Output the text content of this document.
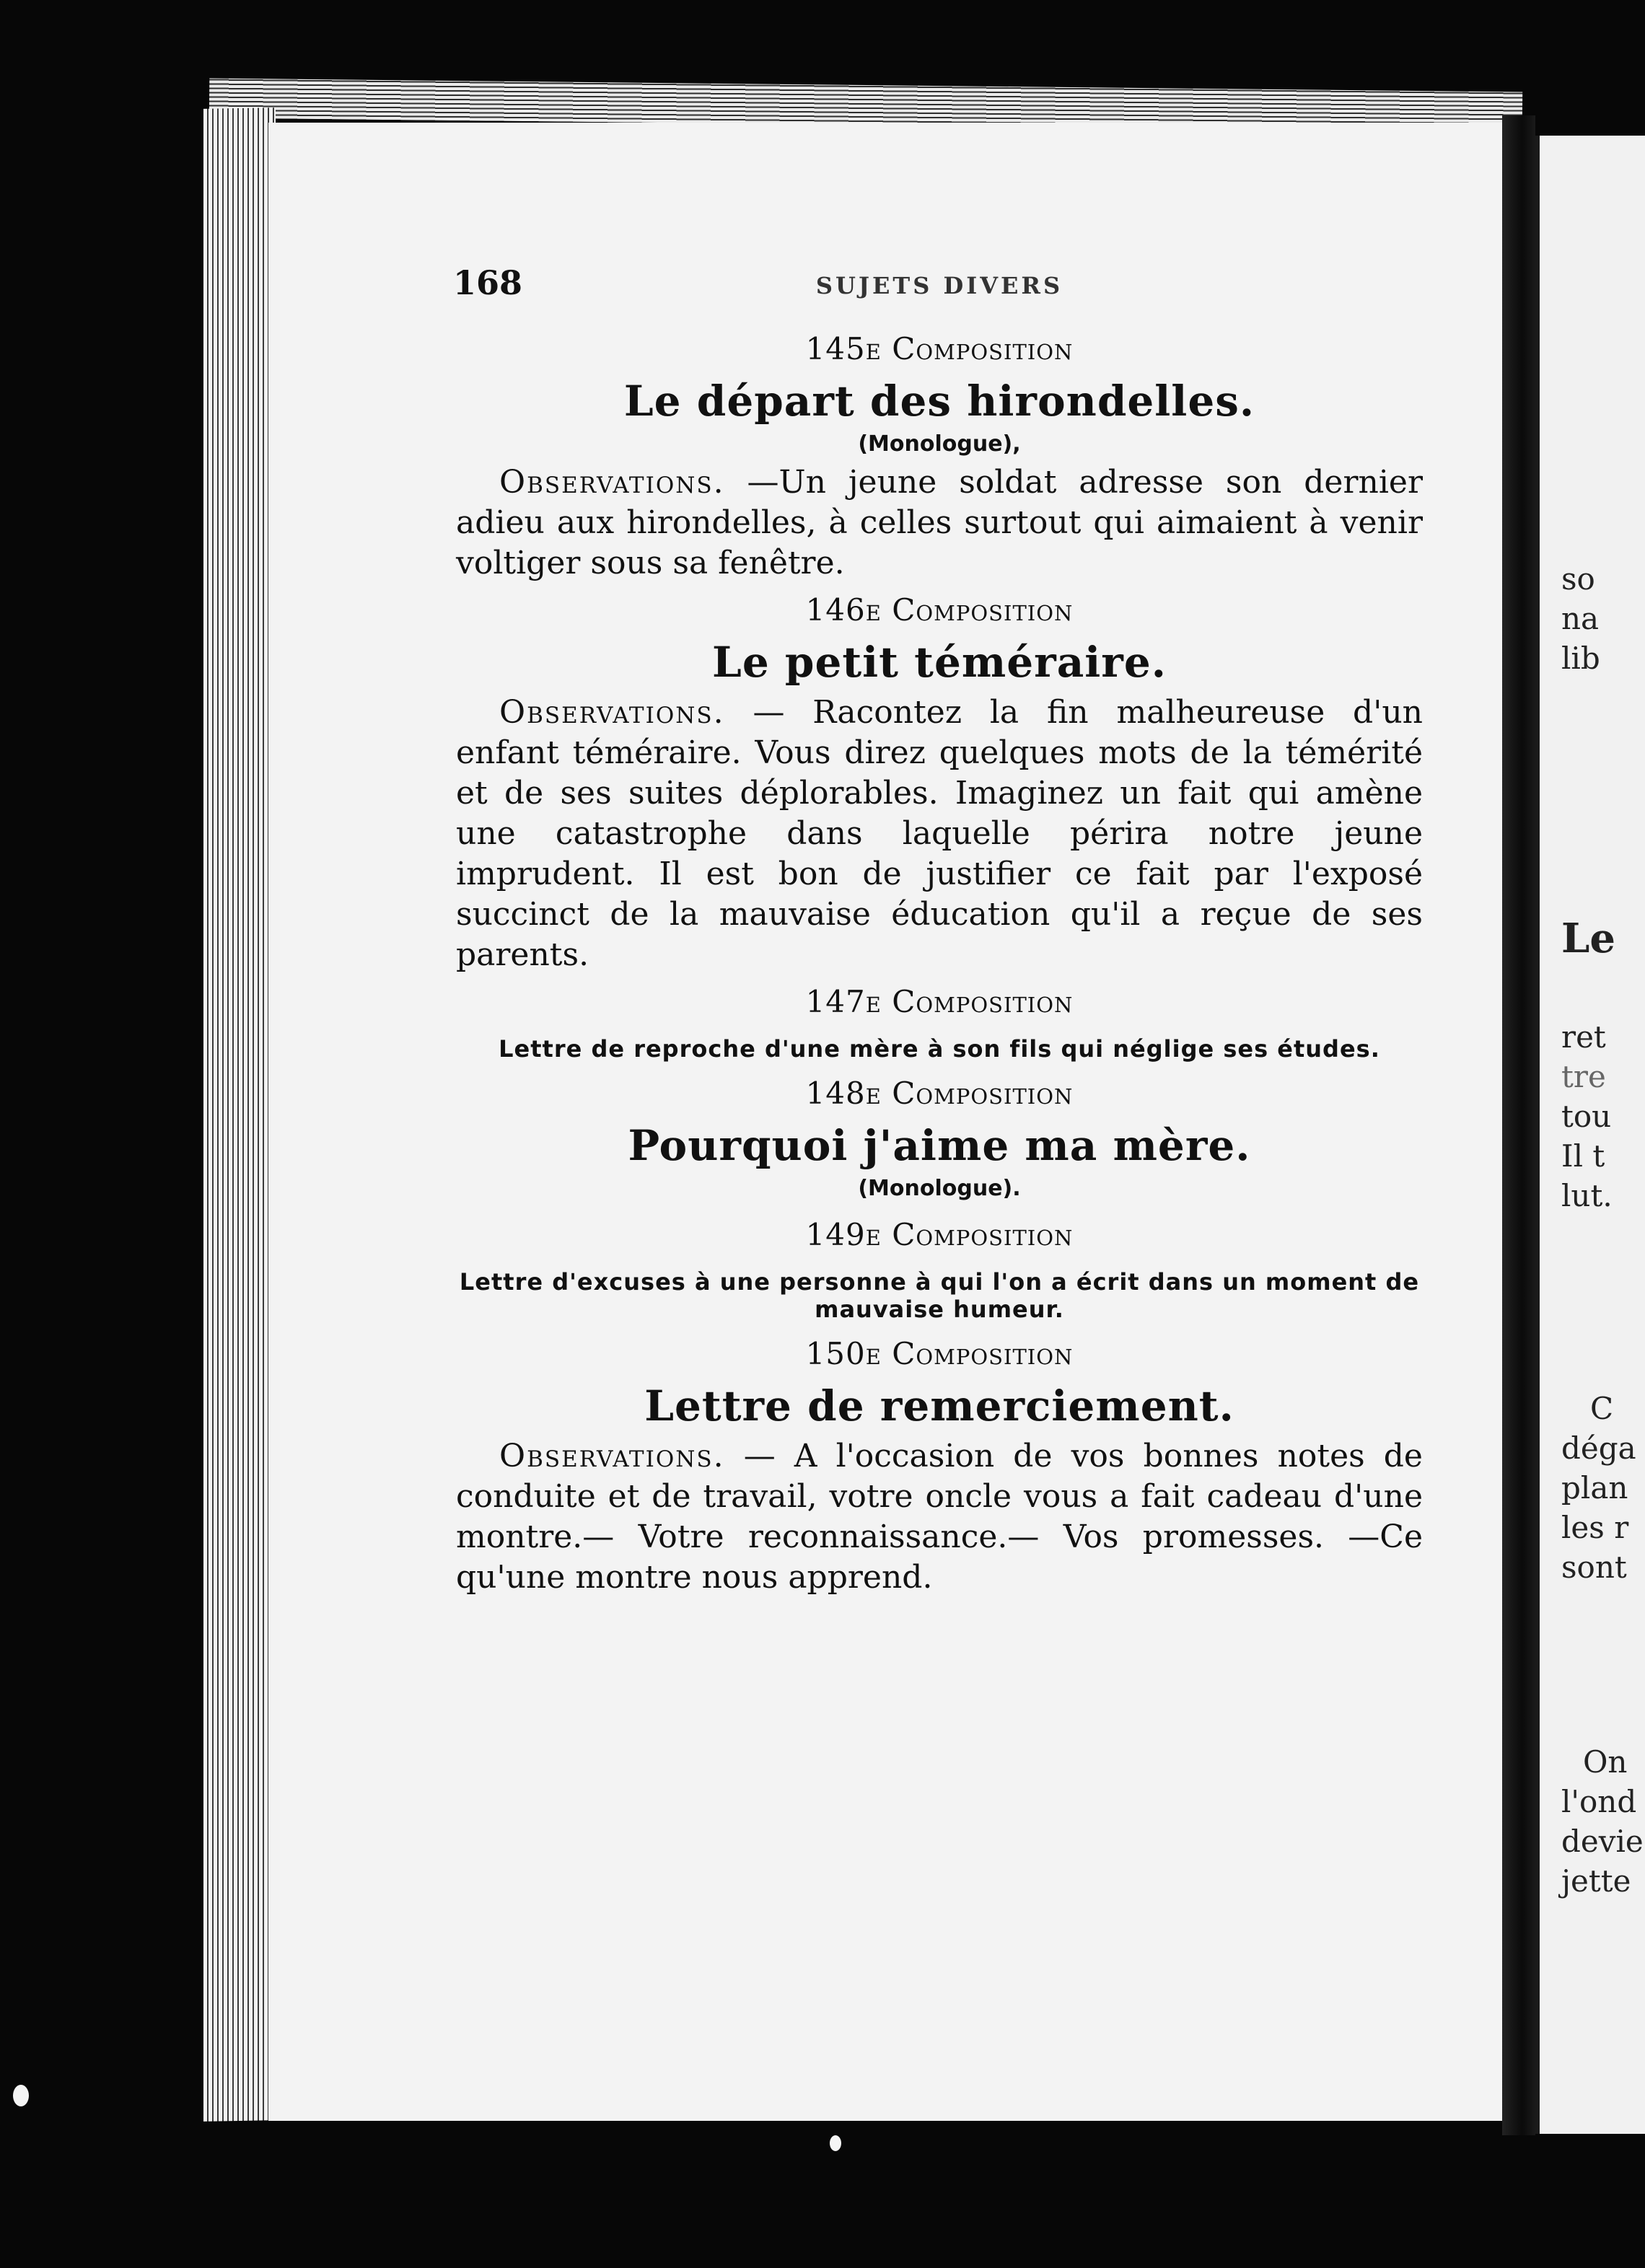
168	SUJETS DIVERS

145e Composition

Le départ des hirondelles.

(Monologue),

Observations. —Un jeune soldat adresse son dernier adieu aux hirondelles, à celles surtout qui aimaient à venir voltiger sous sa fenêtre.

146e Composition

Le petit téméraire.

Observations. — Racontez la fin malheureuse d'un enfant téméraire. Vous direz quelques mots de la témérité et de ses suites déplorables. Imaginez un fait qui amène une catastrophe dans laquelle périra notre jeune imprudent. Il est bon de justifier ce fait par l'exposé succinct de la mauvaise éducation qu'il a reçue de ses parents.

147e Composition

Lettre de reproche d'une mère à son fils qui néglige ses études.

148e Composition

Pourquoi j'aime ma mère.

(Monologue).

149e Composition

Lettre d'excuses à une personne à qui l'on a écrit dans un moment de mauvaise humeur.

150e Composition

Lettre de remerciement.

Observations. — A l'occasion de vos bonnes notes de conduite et de travail, votre oncle vous a fait cadeau d'une montre.— Votre reconnaissance.— Vos promesses. —Ce qu'une montre nous apprend.

so
na
lib
Le
ret
tre
tou
Il t
lut.
C
déga
plan
les r
sont
On
l'ond
devie
jette
